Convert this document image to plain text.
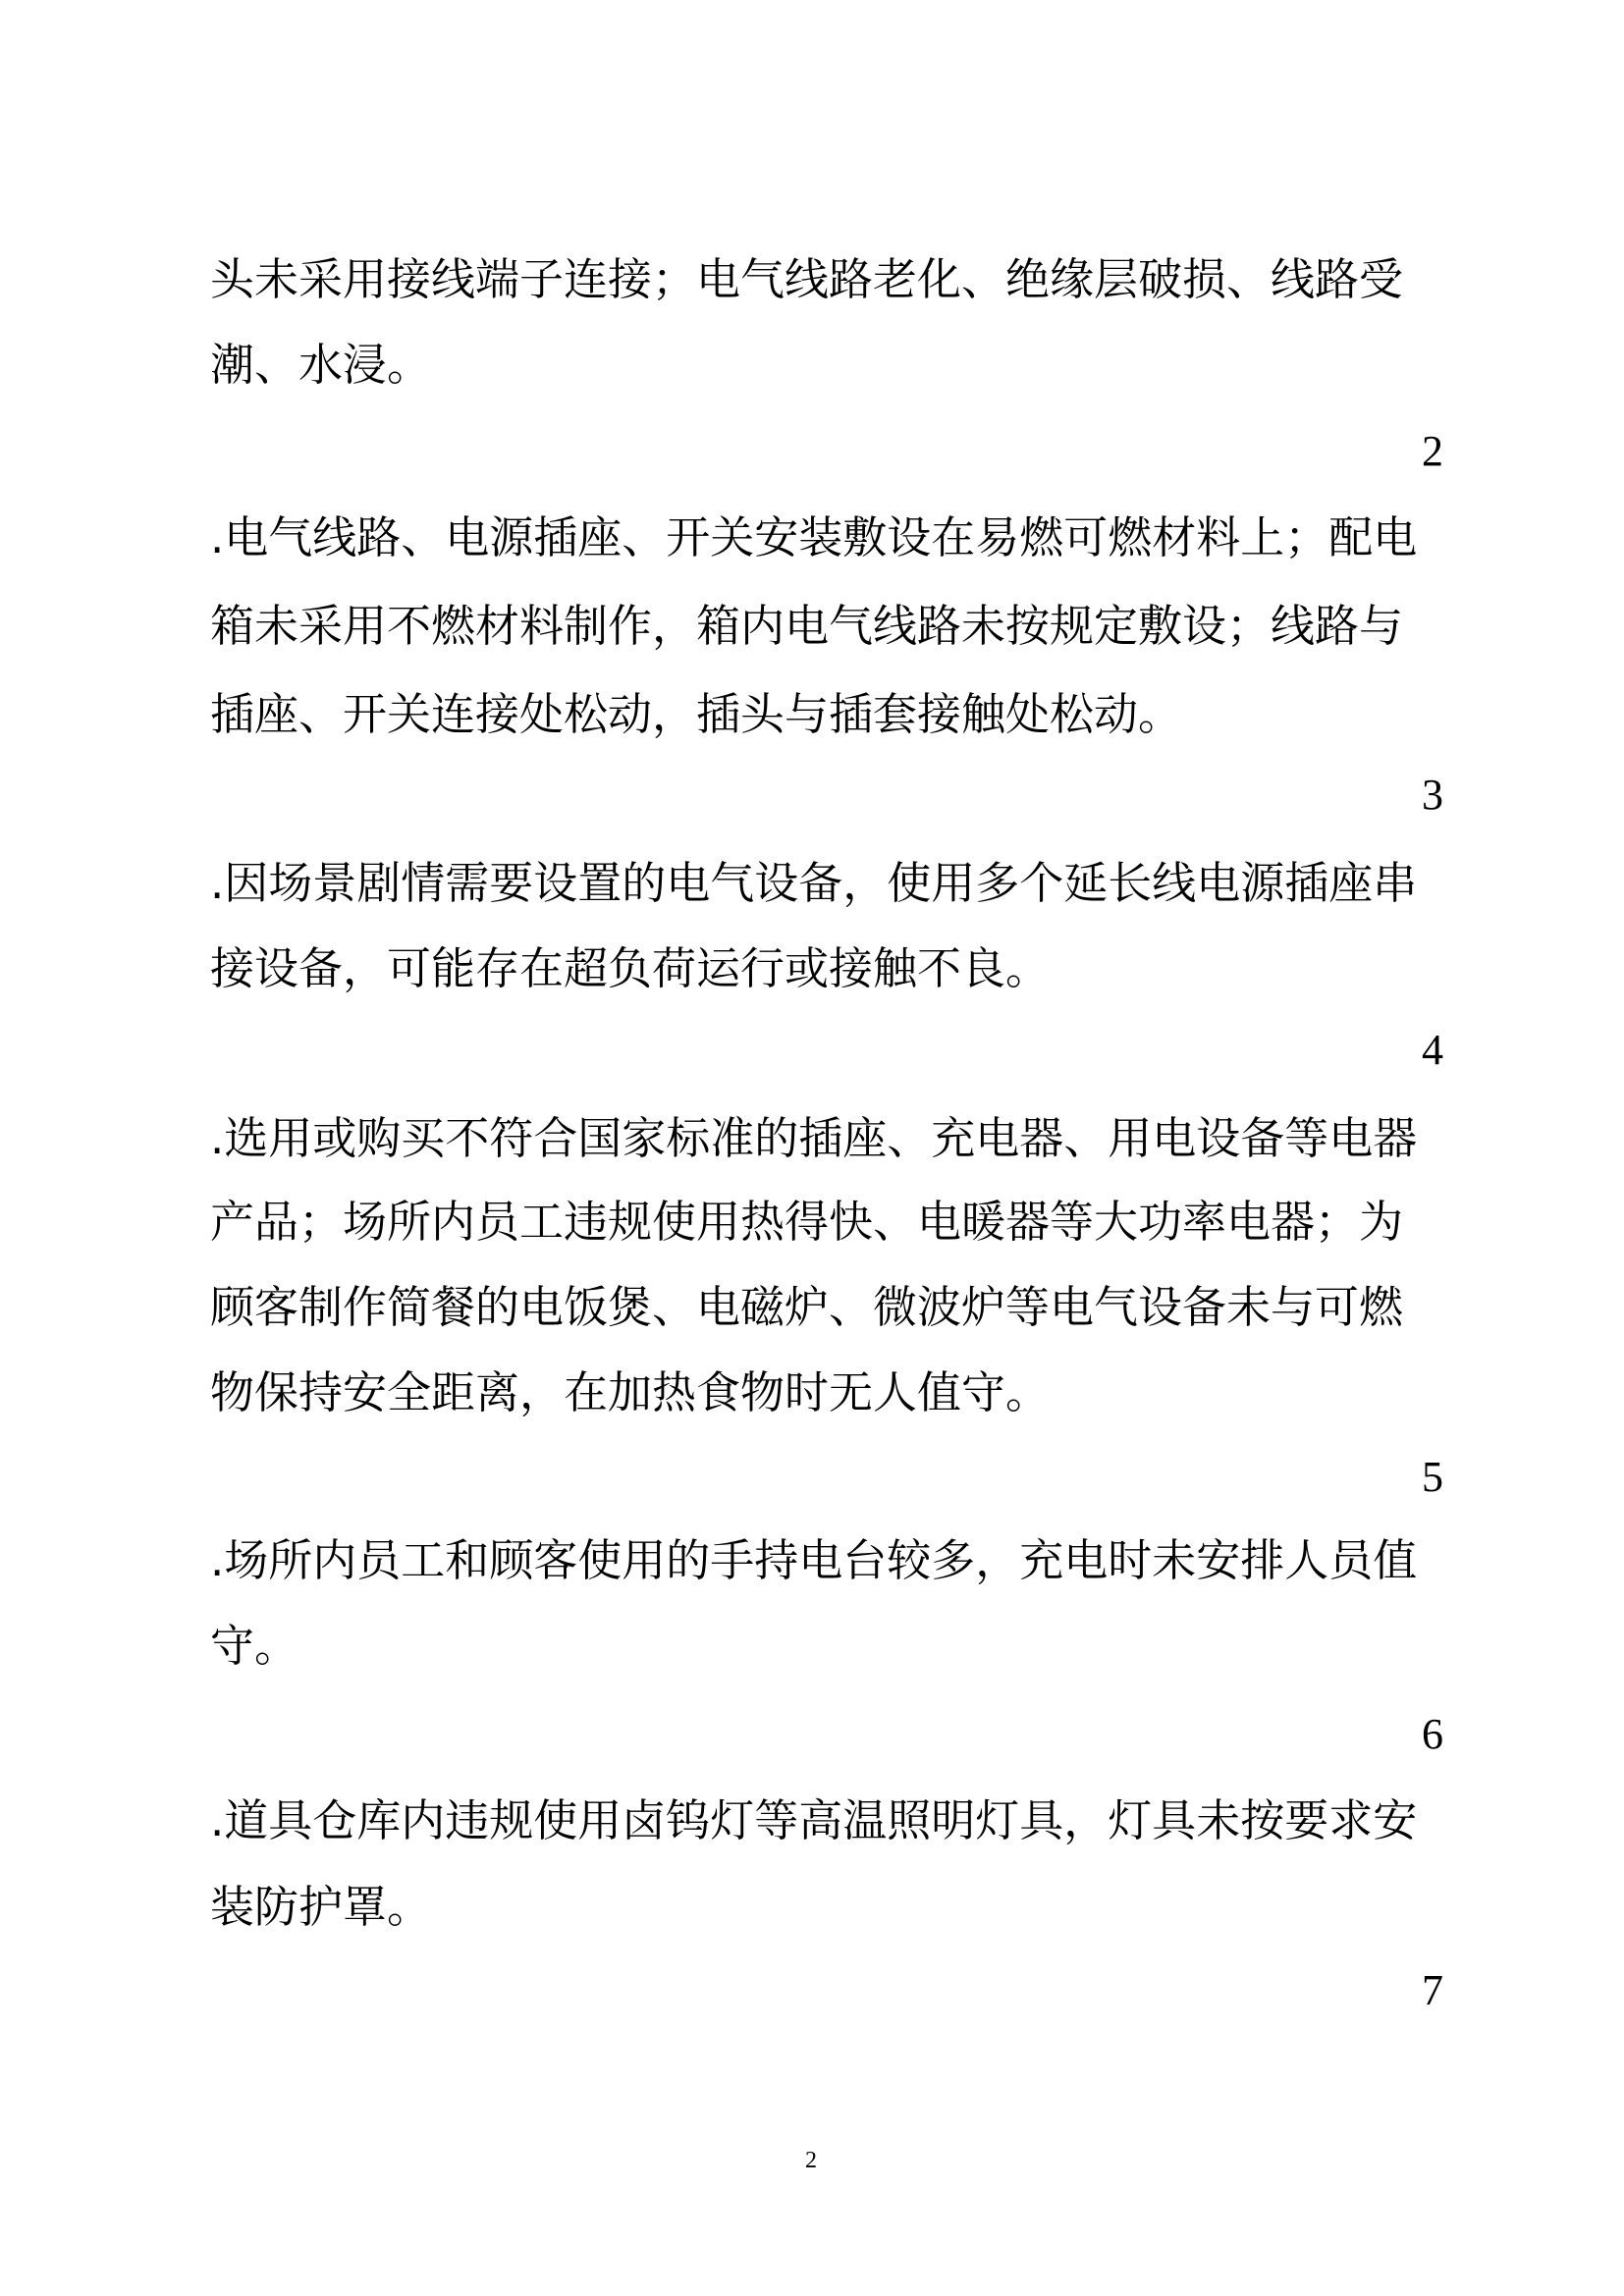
头未采用接线端子连接；电气线路老化、绝缘层破损、线路受
潮、水浸。
2
.电气线路、电源插座、开关安装敷设在易燃可燃材料上；配电
箱未采用不燃材料制作，箱内电气线路未按规定敷设；线路与
插座、开关连接处松动，插头与插套接触处松动。
3
.因场景剧情需要设置的电气设备，使用多个延长线电源插座串
接设备，可能存在超负荷运行或接触不良。
4
.选用或购买不符合国家标准的插座、充电器、用电设备等电器
产品；场所内员工违规使用热得快、电暖器等大功率电器；为
顾客制作简餐的电饭煲、电磁炉、微波炉等电气设备未与可燃
物保持安全距离，在加热食物时无人值守。
5
.场所内员工和顾客使用的手持电台较多，充电时未安排人员值
守。
6
.道具仓库内违规使用卤钨灯等高温照明灯具，灯具未按要求安
装防护罩。
7
2
